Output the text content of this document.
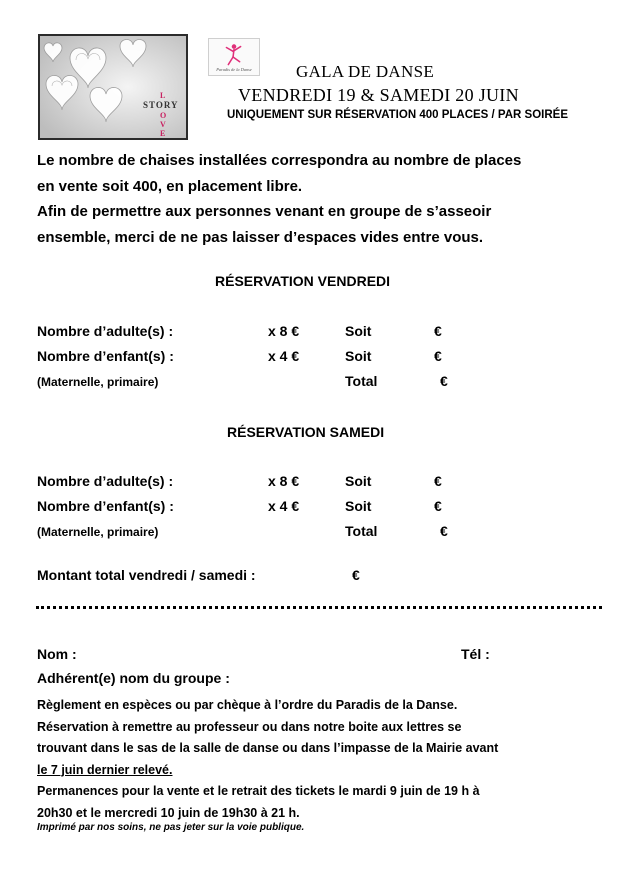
STORY
L
O
V
E
Paradis de la Danse	GALA DE DANSE
VENDREDI 19 & SAMEDI 20 JUIN
UNIQUEMENT SUR RÉSERVATION 400 PLACES / PAR SOIRÉE
Le nombre de chaises installées correspondra au nombre de places
en vente soit 400, en placement libre.
Afin de permettre aux personnes venant en groupe de s’asseoir
ensemble, merci de ne pas laisser d’espaces vides entre vous.
RÉSERVATION VENDREDI
Nombre d’adulte(s) :	x 8 €	Soit	€
Nombre d’enfant(s) :	x 4 €	Soit	€
(Maternelle, primaire)	Total	€
RÉSERVATION SAMEDI
Nombre d’adulte(s) :	x 8 €	Soit	€
Nombre d’enfant(s) :	x 4 €	Soit	€
(Maternelle, primaire)	Total	€
Montant total vendredi / samedi :	€
Nom :	Tél :
Adhérent(e) nom du groupe :
Règlement en espèces ou par chèque à l’ordre du Paradis de la Danse.
Réservation à remettre au professeur ou dans notre boite aux lettres se
trouvant dans le sas de la salle de danse ou dans l’impasse de la Mairie avant
le 7 juin dernier relevé.
Permanences pour la vente et le retrait des tickets le mardi 9 juin de 19 h à
20h30 et le mercredi 10 juin de 19h30 à 21 h.
Imprimé par nos soins, ne pas jeter sur la voie publique.
